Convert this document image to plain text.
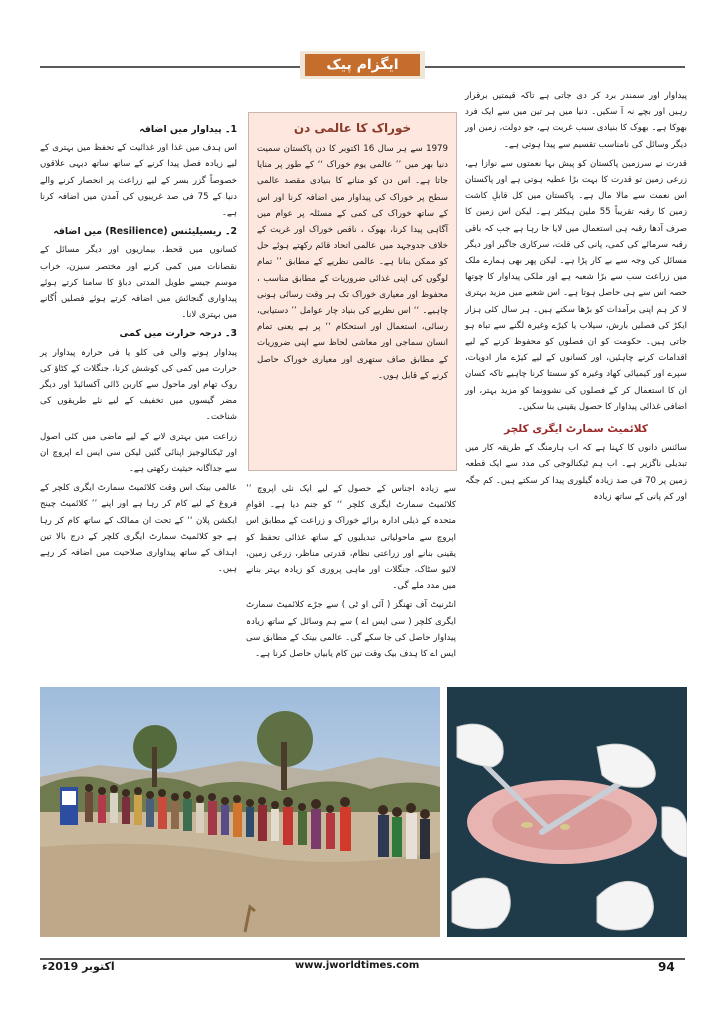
ایگزام پیک

پیداوار اور سمندر برد کر دی جاتی ہے تاکہ قیمتیں برقرار رہیں اور بچے نہ آ سکیں۔ دنیا میں ہر تین میں سے ایک فرد بھوکا ہے۔ بھوک کا بنیادی سبب غربت ہے، جو دولت، زمین اور دیگر وسائل کی نامناسب تقسیم سے پیدا ہوتی ہے۔

قدرت نے سرزمین پاکستان کو پیش بہا نعمتوں سے نوازا ہے، زرعی زمین تو قدرت کا بہت بڑا عطیہ ہوتی ہے اور پاکستان اس نعمت سے مالا مال ہے۔ پاکستان میں کل قابلِ کاشت زمین کا رقبہ تقریباً 55 ملین ہیکٹر ہے۔ لیکن اس زمین کا صرف آدھا رقبہ ہی استعمال میں لایا جا رہا ہے جب کہ باقی رقبہ سرمائے کی کمی، پانی کی قلت، سرکاری جاگیر اور دیگر مسائل کی وجہ سے بے کار پڑا ہے۔ لیکن پھر بھی ہمارے ملک میں زراعت سب سے بڑا شعبہ ہے اور ملکی پیداوار کا چوتھا حصہ اس سے ہی حاصل ہوتا ہے۔ اس شعبے میں مزید بہتری لا کر ہم اپنی برآمدات کو بڑھا سکتے ہیں۔ ہر سال کئی ہزار ایکڑ کی فصلیں بارش، سیلاب یا کیڑے وغیرہ لگنے سے تباہ ہو جاتی ہیں۔ حکومت کو ان فصلوں کو محفوظ کرنے کے لیے اقدامات کرنے چاہئیں، اور کسانوں کے لیے کیڑے مار ادویات، سپرے اور کیمیائی کھاد وغیرہ کو سستا کرنا چاہیے تاکہ کسان ان کا استعمال کر کے فصلوں کی نشوونما کو مزید بہتر، اور اضافی غذائی پیداوار کا حصول یقینی بنا سکیں۔

کلائمیٹ سمارٹ ایگری کلچر

سائنس دانوں کا کہنا ہے کہ اب ہارمنگ کے طریقہ کار میں تبدیلی ناگزیر ہے۔ اب ہم ٹیکنالوجی کی مدد سے ایک قطعہ زمین پر 70 فی صد زیادہ گیلوری پیدا کر سکتے ہیں۔ کم جگہ اور کم پانی کے ساتھ زیادہ

خوراک کا عالمی دن

1979 سے ہر سال 16 اکتوبر کا دن پاکستان سمیت دنیا بھر میں ’’ عالمی یوم خوراک ‘‘ کے طور پر منایا جاتا ہے۔ اس دن کو منانے کا بنیادی مقصد عالمی سطح پر خوراک کی پیداوار میں اضافہ کرنا اور اس کے ساتھ خوراک کی کمی کے مسئلہ پر عوام میں آگاہی پیدا کرنا، بھوک ، ناقص خوراک اور غربت کے خلاف جدوجہد میں عالمی اتحاد قائم رکھتے ہوئے حل کو ممکن بنانا ہے۔ عالمی نظریے کے مطابق ’’ تمام لوگوں کی اپنی غذائی ضروریات کے مطابق مناسب ، محفوظ اور معیاری خوراک تک ہر وقت رسائی ہونی چاہیے۔ ‘‘ اس نظریے کی بنیاد چار عوامل ’’ دستیابی، رسائی، استعمال اور استحکام ‘‘ پر ہے یعنی تمام انسان سماجی اور معاشی لحاظ سے اپنی ضروریات کے مطابق صاف ستھری اور معیاری خوراک حاصل کرنے کے قابل ہوں۔

سے زیادہ اجناس کے حصول کے لیے ایک نئی اپروچ ’’ کلائمیٹ سمارٹ ایگری کلچر ‘‘ کو جنم دیا ہے۔ اقوامِ متحدہ کے ذیلی ادارہ برائے خوراک و زراعت کے مطابق اس اپروچ سے ماحولیاتی تبدیلیوں کے ساتھ غذائی تحفظ کو یقینی بنانے اور زراعتی نظام، قدرتی مناظر، زرعی زمین، لائیو سٹاک، جنگلات اور ماہی پروری کو زیادہ بہتر بنانے میں مدد ملے گی۔

انٹرنیٹ آف تھنگز ( آئی او ٹی ) سے جڑے کلائمیٹ سمارٹ ایگری کلچر ( سی ایس اے ) سے ہم وسائل کے ساتھ زیادہ پیداوار حاصل کی جا سکے گی۔ عالمی بینک کے مطابق سی ایس اے کا ہدف بیک وقت تین کام یابیاں حاصل کرنا ہے۔

1۔ پیداوار میں اضافہ

اس ہدف میں غذا اور غذائیت کے تحفظ میں بہتری کے لیے زیادہ فصل پیدا کرنے کے ساتھ ساتھ دیہی علاقوں خصوصاً گزر بسر کے لیے زراعت پر انحصار کرنے والے دنیا کے 75 فی صد غریبوں کی آمدن میں اضافہ کرنا ہے۔

2۔ ریسیلیئنس (Resilience) میں اضافہ

کسانوں میں قحط، بیماریوں اور دیگر مسائل کے نقصانات میں کمی کرنے اور مختصر سیزن، خراب موسم جیسے طویل المدتی دباؤ کا سامنا کرتے ہوئے پیداواری گنجائش میں اضافہ کرتے ہوئے فصلیں اُگانے میں بہتری لانا۔

3۔ درجہ حرارت میں کمی

پیداوار ہونے والی فی کلو یا فی حرارہ پیداوار پر حرارت میں کمی کی کوشش کرنا، جنگلات کے کٹاؤ کی روک تھام اور ماحول سے کاربن ڈائی آکسائیڈ اور دیگر مضر گیسوں میں تخفیف کے لیے نئے طریقوں کی شناخت۔

زراعت میں بہتری لانے کے لیے ماضی میں کئی اصول اور ٹیکنالوجیز اپنائی گئیں لیکن سی ایس اے اپروچ ان سے جداگانہ حیثیت رکھتی ہے۔

عالمی بینک اس وقت کلائمیٹ سمارٹ ایگری کلچر کے فروغ کے لیے کام کر رہا ہے اور اپنے ’’ کلائمیٹ چینج ایکشن پلان ‘‘ کے تحت ان ممالک کے ساتھ کام کر رہا ہے جو کلائمیٹ سمارٹ ایگری کلچر کے درج بالا تین اہداف کے ساتھ پیداواری صلاحیت میں اضافہ کر رہے ہیں۔

اکتوبر 2019ء	www.jworldtimes.com	94
